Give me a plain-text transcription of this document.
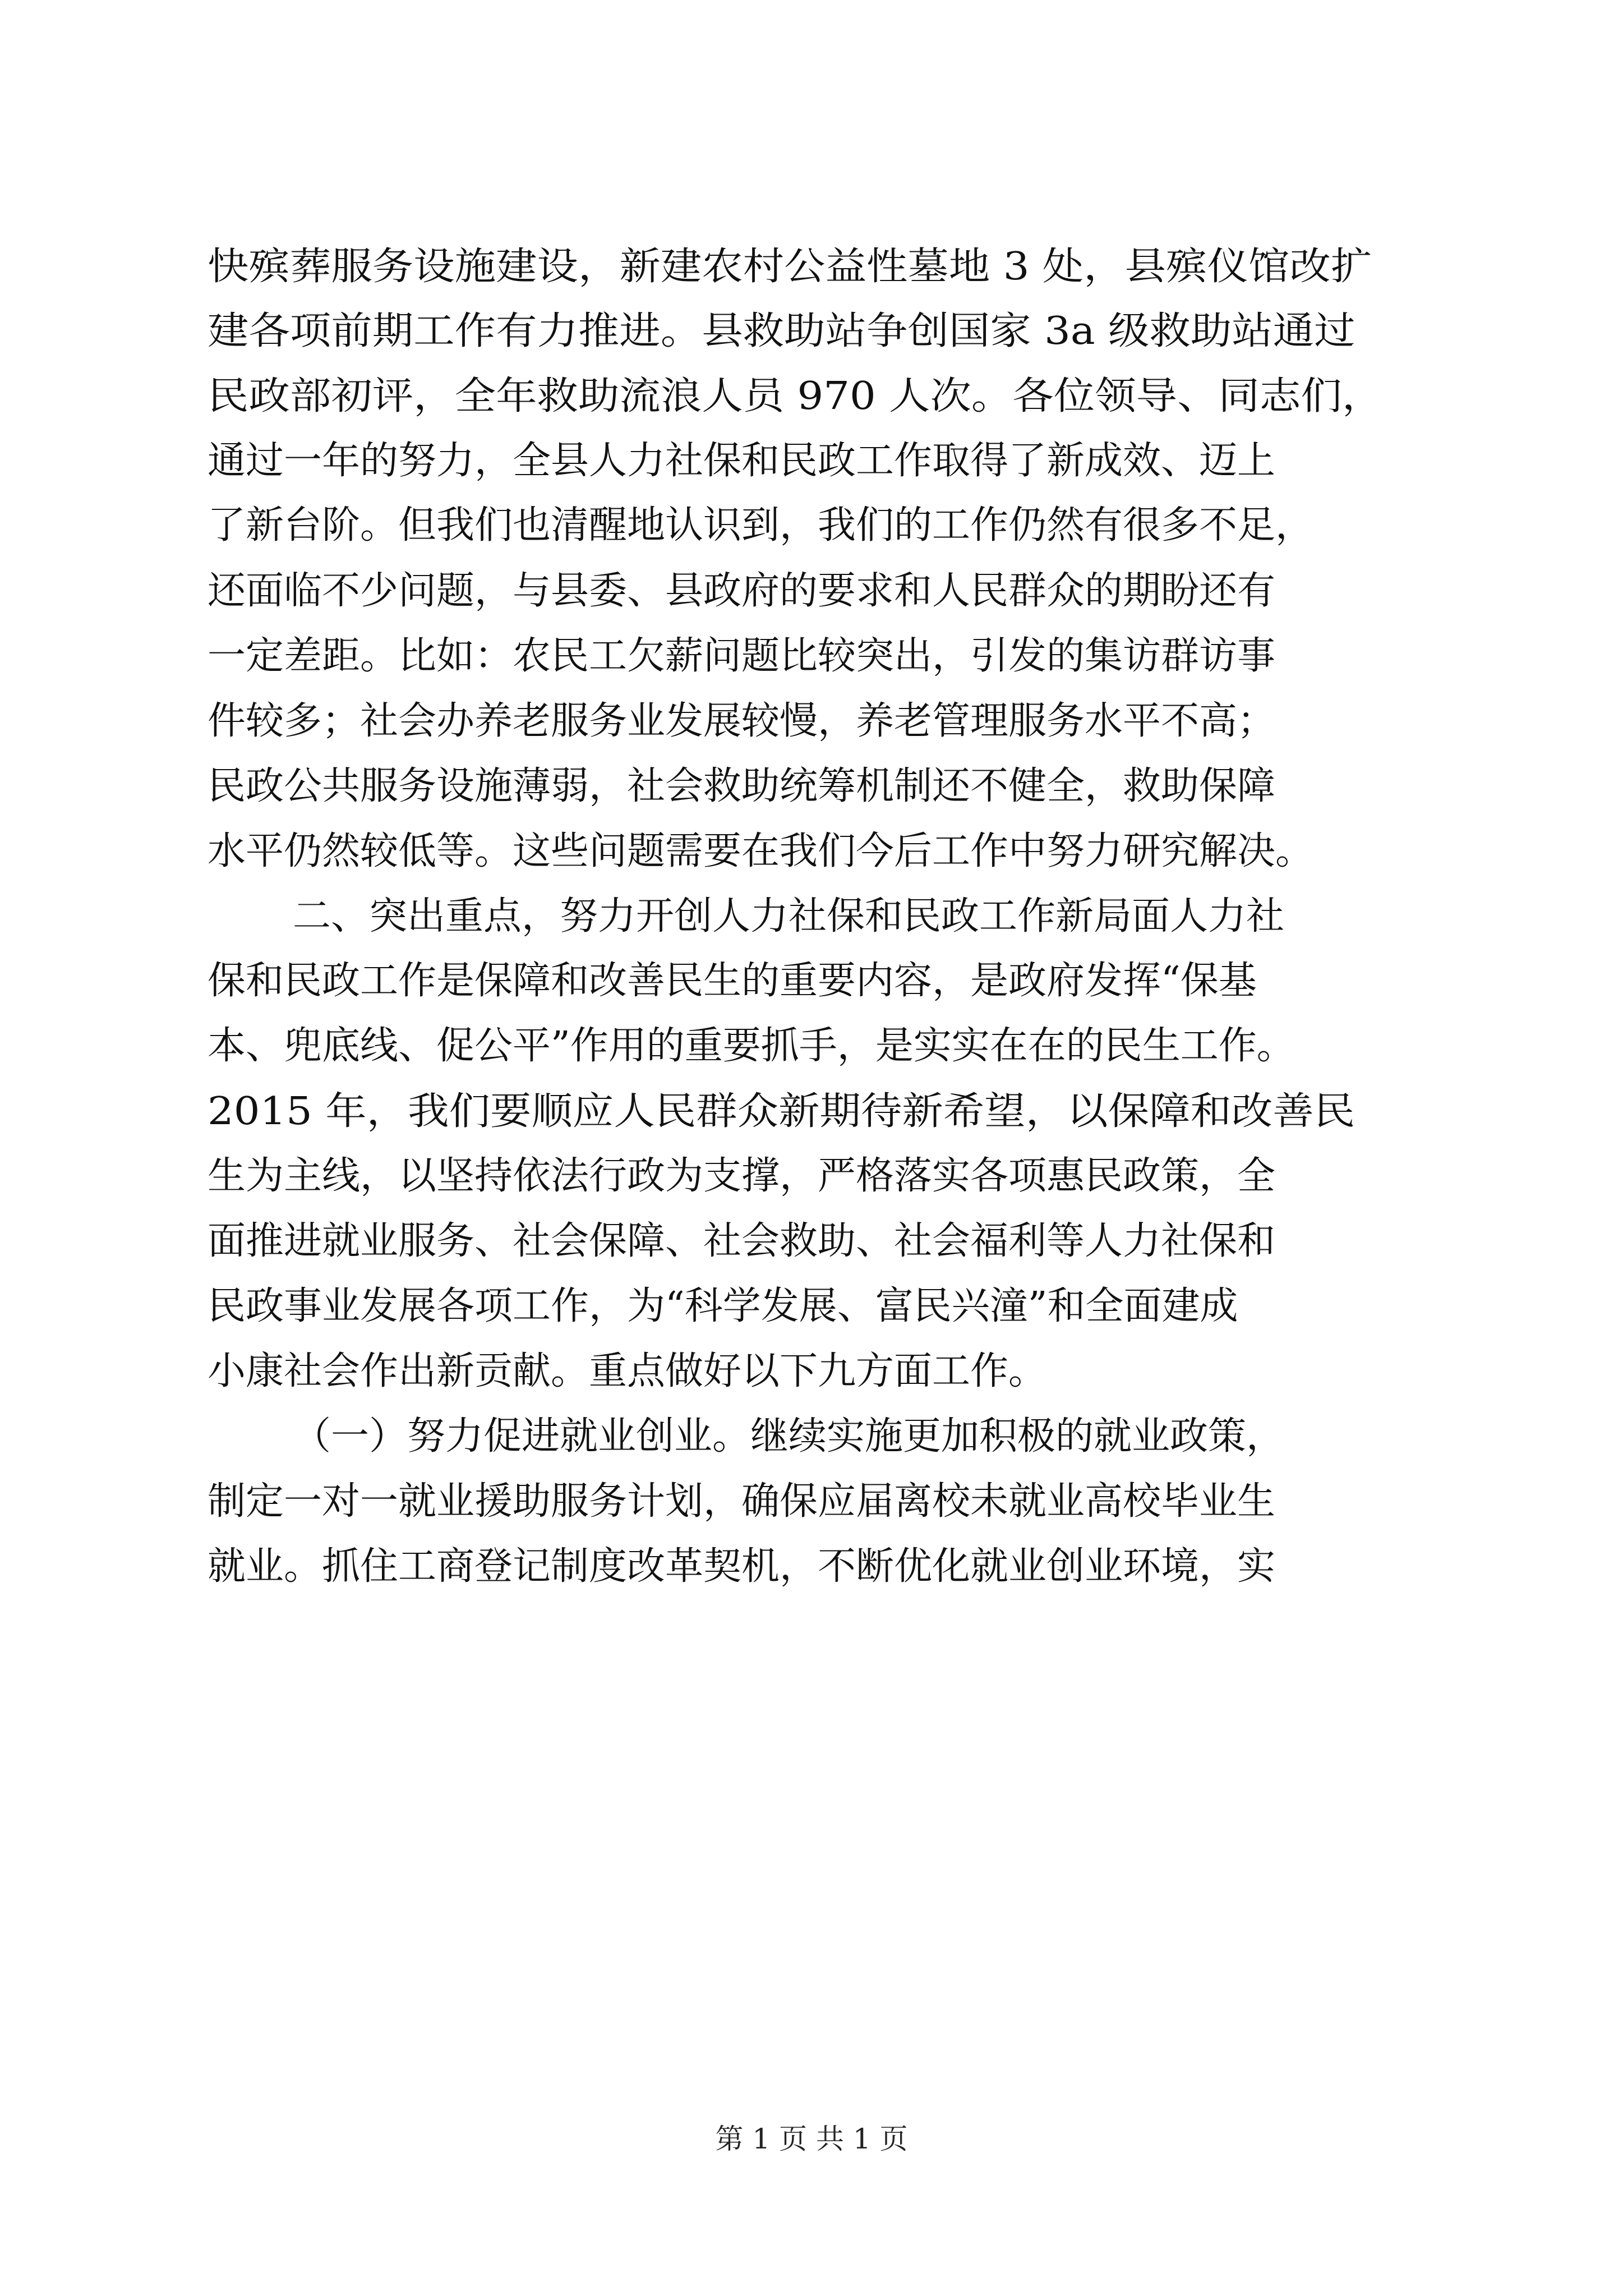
快殡葬服务设施建设，新建农村公益性墓地 3 处，县殡仪馆改扩
建各项前期工作有力推进。县救助站争创国家 3a 级救助站通过
民政部初评，全年救助流浪人员 970 人次。各位领导、同志们，
通过一年的努力，全县人力社保和民政工作取得了新成效、迈上
了新台阶。但我们也清醒地认识到，我们的工作仍然有很多不足，
还面临不少问题，与县委、县政府的要求和人民群众的期盼还有
一定差距。比如：农民工欠薪问题比较突出，引发的集访群访事
件较多；社会办养老服务业发展较慢，养老管理服务水平不高；
民政公共服务设施薄弱，社会救助统筹机制还不健全，救助保障
水平仍然较低等。这些问题需要在我们今后工作中努力研究解决。
二、突出重点，努力开创人力社保和民政工作新局面人力社
保和民政工作是保障和改善民生的重要内容，是政府发挥“保基
本、兜底线、促公平”作用的重要抓手，是实实在在的民生工作。
2015 年，我们要顺应人民群众新期待新希望，以保障和改善民
生为主线，以坚持依法行政为支撑，严格落实各项惠民政策，全
面推进就业服务、社会保障、社会救助、社会福利等人力社保和
民政事业发展各项工作，为“科学发展、富民兴潼”和全面建成
小康社会作出新贡献。重点做好以下九方面工作。
（一）努力促进就业创业。继续实施更加积极的就业政策，
制定一对一就业援助服务计划，确保应届离校未就业高校毕业生
就业。抓住工商登记制度改革契机，不断优化就业创业环境，实
第 1 页 共 1 页
